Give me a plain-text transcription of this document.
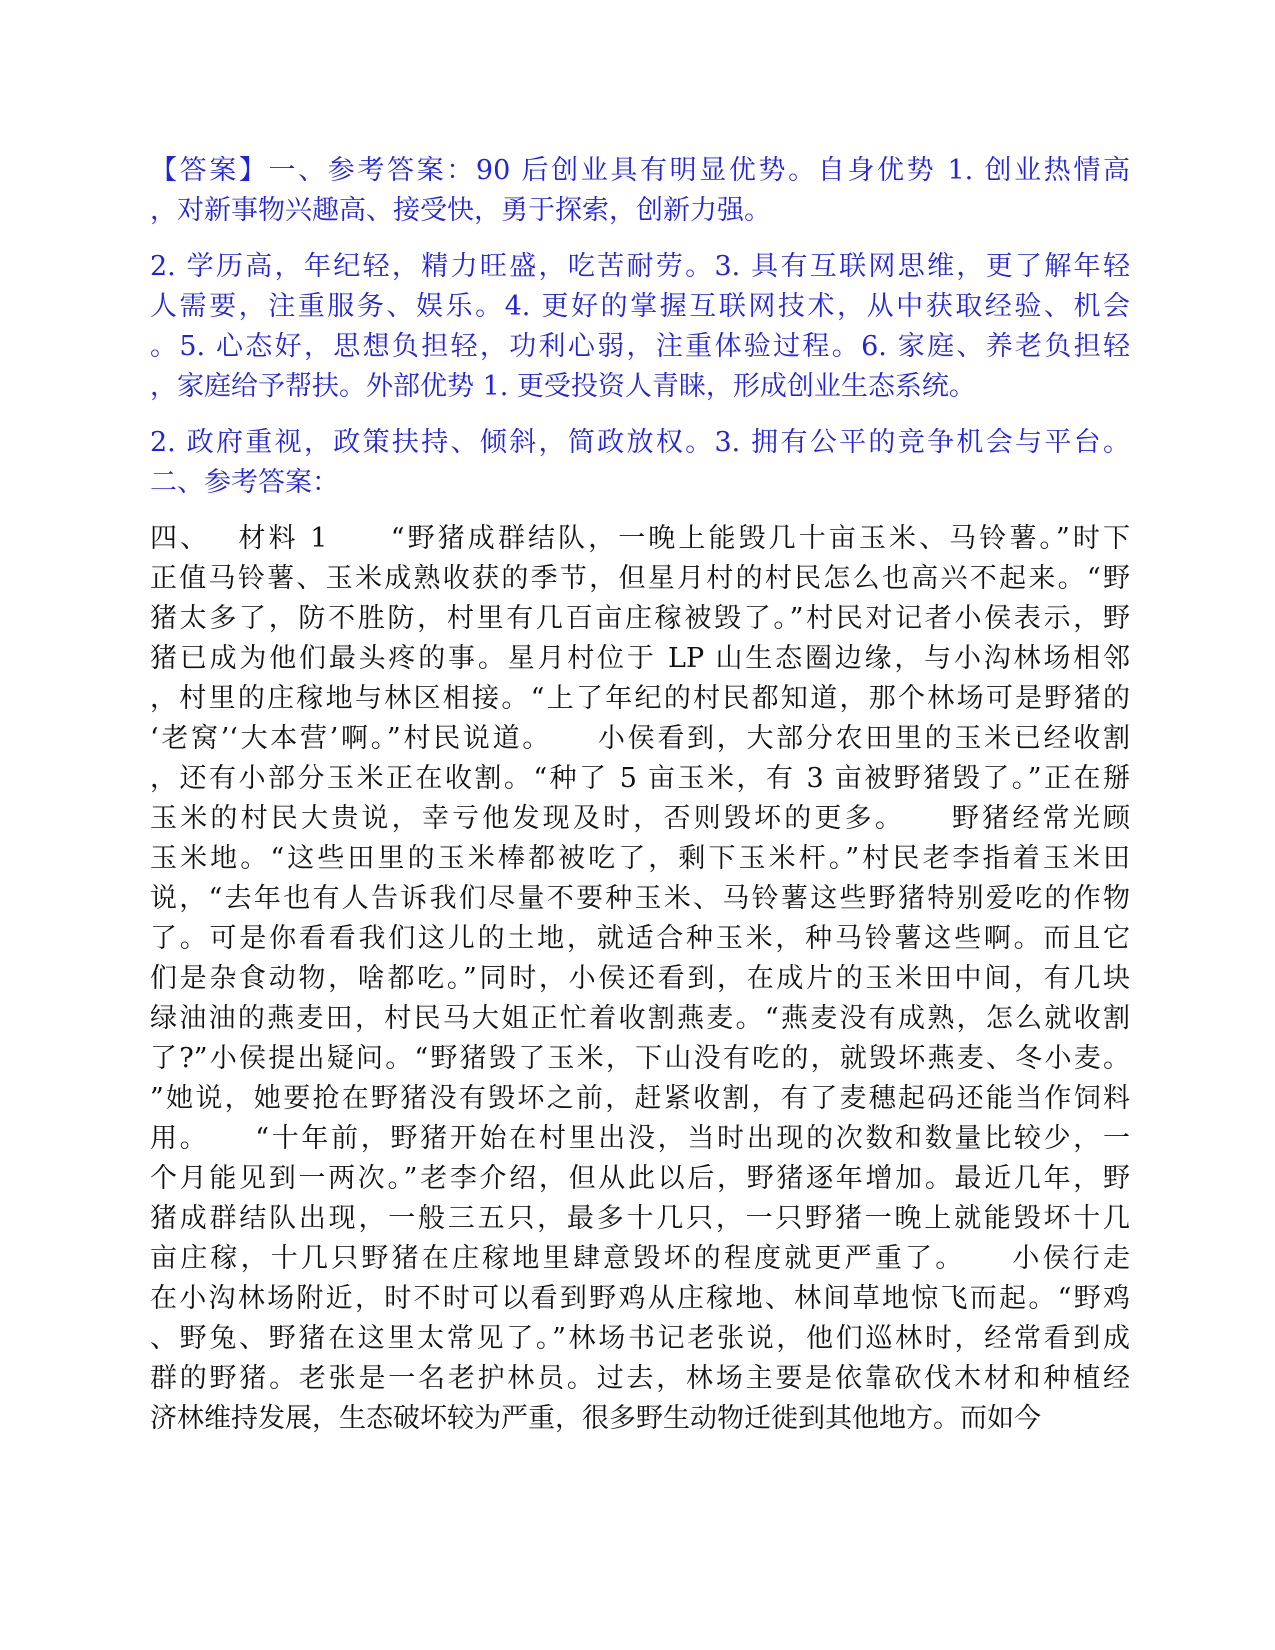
【答案】一、参考答案：90 后创业具有明显优势。自身优势 1. 创业热情高
，对新事物兴趣高、接受快，勇于探索，创新力强。
2. 学历高，年纪轻，精力旺盛，吃苦耐劳。3. 具有互联网思维，更了解年轻
人需要，注重服务、娱乐。4. 更好的掌握互联网技术，从中获取经验、机会
。5. 心态好，思想负担轻，功利心弱，注重体验过程。6. 家庭、养老负担轻
，家庭给予帮扶。外部优势 1. 更受投资人青睐，形成创业生态系统。
2. 政府重视，政策扶持、倾斜，简政放权。3. 拥有公平的竞争机会与平台。
二、参考答案：
四、　 材料 1　　“野猪成群结队，一晚上能毁几十亩玉米、马铃薯。”时下
正值马铃薯、玉米成熟收获的季节，但星月村的村民怎么也高兴不起来。“野
猪太多了，防不胜防，村里有几百亩庄稼被毁了。”村民对记者小侯表示，野
猪已成为他们最头疼的事。星月村位于 LP 山生态圈边缘，与小沟林场相邻
，村里的庄稼地与林区相接。“上了年纪的村民都知道，那个林场可是野猪的
‘老窝’‘大本营’啊。”村民说道。　　小侯看到，大部分农田里的玉米已经收割
，还有小部分玉米正在收割。“种了 5 亩玉米，有 3 亩被野猪毁了。”正在掰
玉米的村民大贵说，幸亏他发现及时，否则毁坏的更多。　　野猪经常光顾
玉米地。“这些田里的玉米棒都被吃了，剩下玉米杆。”村民老李指着玉米田
说，“去年也有人告诉我们尽量不要种玉米、马铃薯这些野猪特别爱吃的作物
了。可是你看看我们这儿的土地，就适合种玉米，种马铃薯这些啊。而且它
们是杂食动物，啥都吃。”同时，小侯还看到，在成片的玉米田中间，有几块
绿油油的燕麦田，村民马大姐正忙着收割燕麦。“燕麦没有成熟，怎么就收割
了?”小侯提出疑问。“野猪毁了玉米，下山没有吃的，就毁坏燕麦、冬小麦。
”她说，她要抢在野猪没有毁坏之前，赶紧收割，有了麦穗起码还能当作饲料
用。　　“十年前，野猪开始在村里出没，当时出现的次数和数量比较少，一
个月能见到一两次。”老李介绍，但从此以后，野猪逐年增加。最近几年，野
猪成群结队出现，一般三五只，最多十几只，一只野猪一晚上就能毁坏十几
亩庄稼，十几只野猪在庄稼地里肆意毁坏的程度就更严重了。　　小侯行走
在小沟林场附近，时不时可以看到野鸡从庄稼地、林间草地惊飞而起。“野鸡
、野兔、野猪在这里太常见了。”林场书记老张说，他们巡林时，经常看到成
群的野猪。老张是一名老护林员。过去，林场主要是依靠砍伐木材和种植经
济林维持发展，生态破坏较为严重，很多野生动物迁徙到其他地方。而如今
